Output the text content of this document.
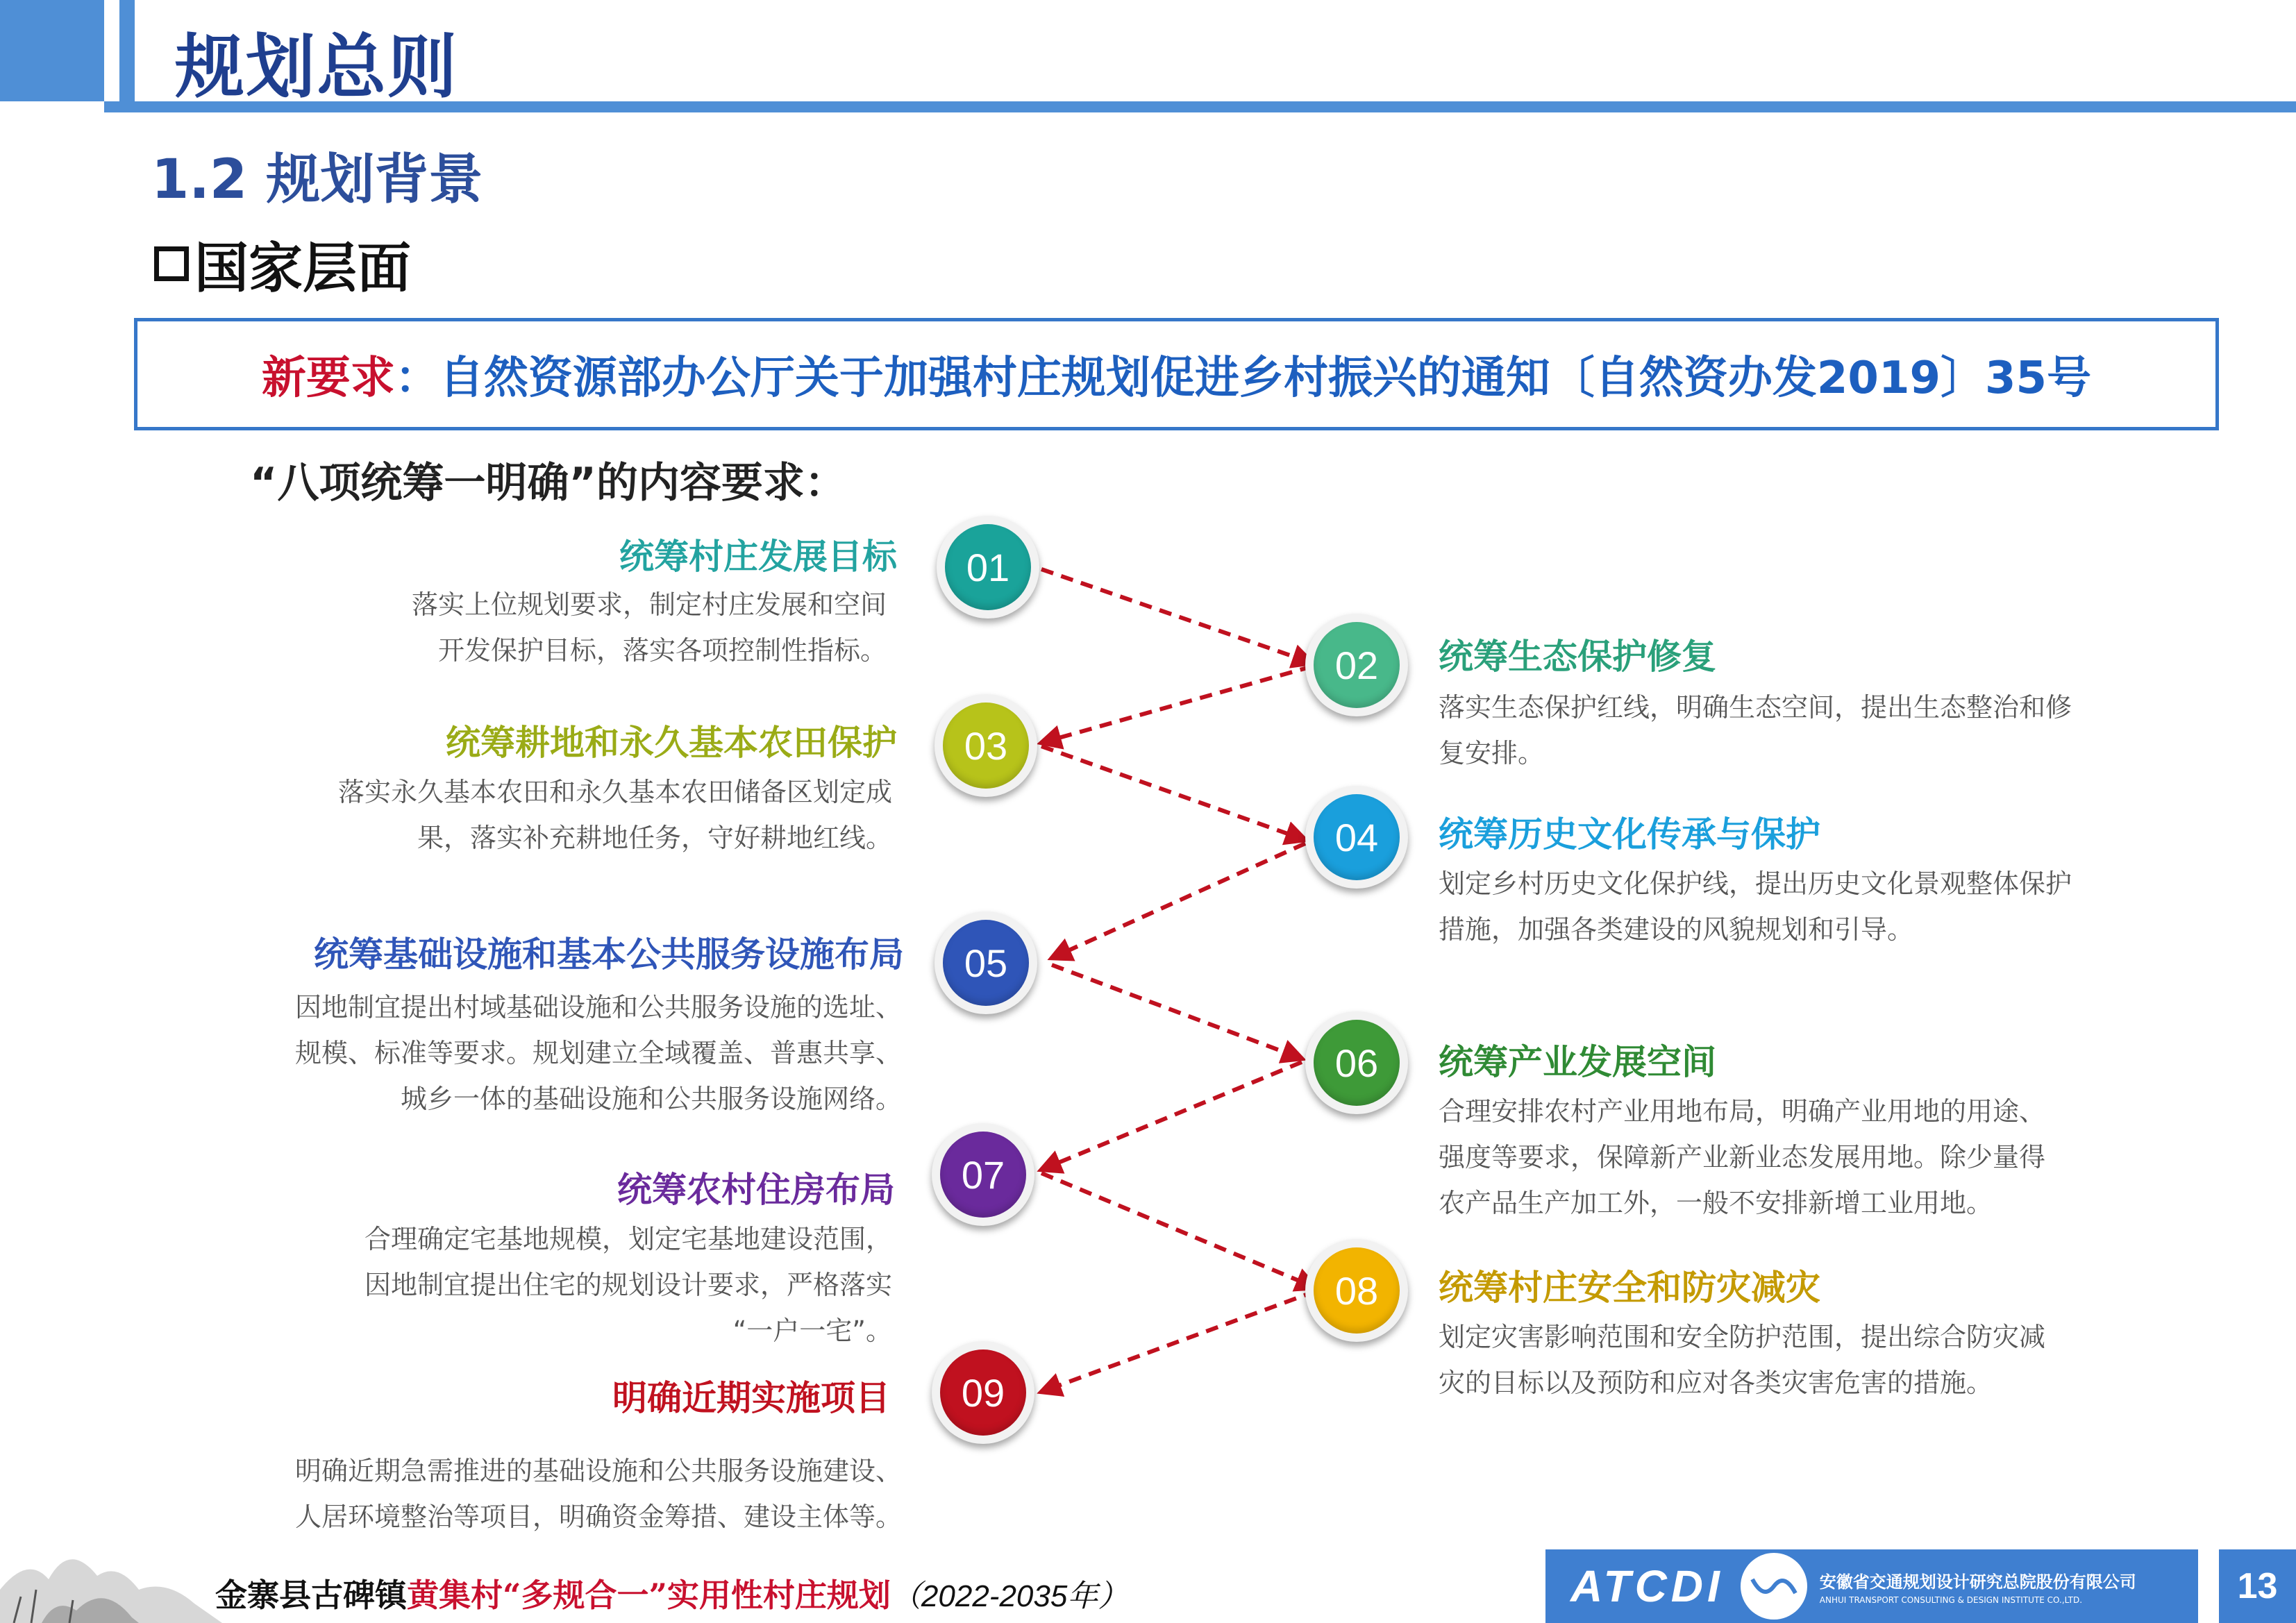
规划总则
1.2 规划背景
国家层面
新要求 ： 自然资源部办公厅关于加强村庄规划促进乡村振兴的通知〔自然资办发2019〕35号
“八项统筹一明确”的内容要求：
01
02
03
04
05
06
07
08
09
统筹村庄发展目标
落实上位规划要求，制定村庄发展和空间
开发保护目标，落实各项控制性指标。
统筹耕地和永久基本农田保护
落实永久基本农田和永久基本农田储备区划定成
果，落实补充耕地任务，守好耕地红线。
统筹基础设施和基本公共服务设施布局
因地制宜提出村域基础设施和公共服务设施的选址、
规模、标准等要求。规划建立全域覆盖、普惠共享、
城乡一体的基础设施和公共服务设施网络。
统筹农村住房布局
合理确定宅基地规模，划定宅基地建设范围，
因地制宜提出住宅的规划设计要求，严格落实
“一户一宅”。
明确近期实施项目
明确近期急需推进的基础设施和公共服务设施建设、
人居环境整治等项目，明确资金筹措、建设主体等。
统筹生态保护修复
落实生态保护红线，明确生态空间，提出生态整治和修
复安排。
统筹历史文化传承与保护
划定乡村历史文化保护线，提出历史文化景观整体保护
措施，加强各类建设的风貌规划和引导。
统筹产业发展空间
合理安排农村产业用地布局，明确产业用地的用途、
强度等要求，保障新产业新业态发展用地。除少量得
农产品生产加工外，一般不安排新增工业用地。
统筹村庄安全和防灾减灾
划定灾害影响范围和安全防护范围，提出综合防灾减
灾的目标以及预防和应对各类灾害危害的措施。
金寨县古碑镇黄集村“多规合一”实用性村庄规划（2022-2035年）	ATCDI	安徽省交通规划设计研究总院股份有限公司
ANHUI TRANSPORT CONSULTING & DESIGN INSTITUTE CO.,LTD.	13
